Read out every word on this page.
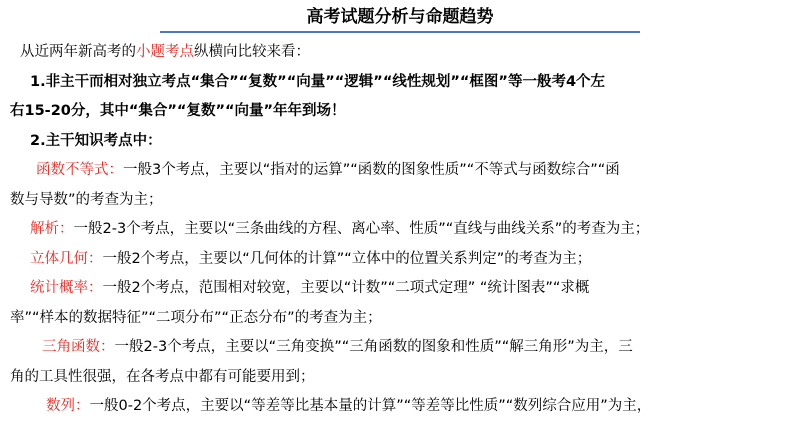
高考试题分析与命题趋势
从近两年新高考的小题考点纵横向比较来看：
1.非主干而相对独立考点“集合”“复数”“向量”“逻辑”“线性规划”“框图”等一般考4个左
右15-20分，其中“集合”“复数”“向量”年年到场！
2.主干知识考点中：
函数不等式：一般3个考点，主要以“指对的运算”“函数的图象性质”“不等式与函数综合”“函
数与导数”的考查为主；
解析：一般2-3个考点，主要以“三条曲线的方程、离心率、性质”“直线与曲线关系”的考查为主；
立体几何：一般2个考点，主要以“几何体的计算”“立体中的位置关系判定”的考查为主；
统计概率：一般2个考点，范围相对较宽，主要以“计数”“二项式定理” “统计图表”“求概
率”“样本的数据特征”“二项分布”“正态分布”的考查为主；
三角函数：一般2-3个考点，主要以“三角变换”“三角函数的图象和性质”“解三角形”为主，三
角的工具性很强，在各考点中都有可能要用到；
数列：一般0-2个考点，主要以“等差等比基本量的计算”“等差等比性质”“数列综合应用”为主，
